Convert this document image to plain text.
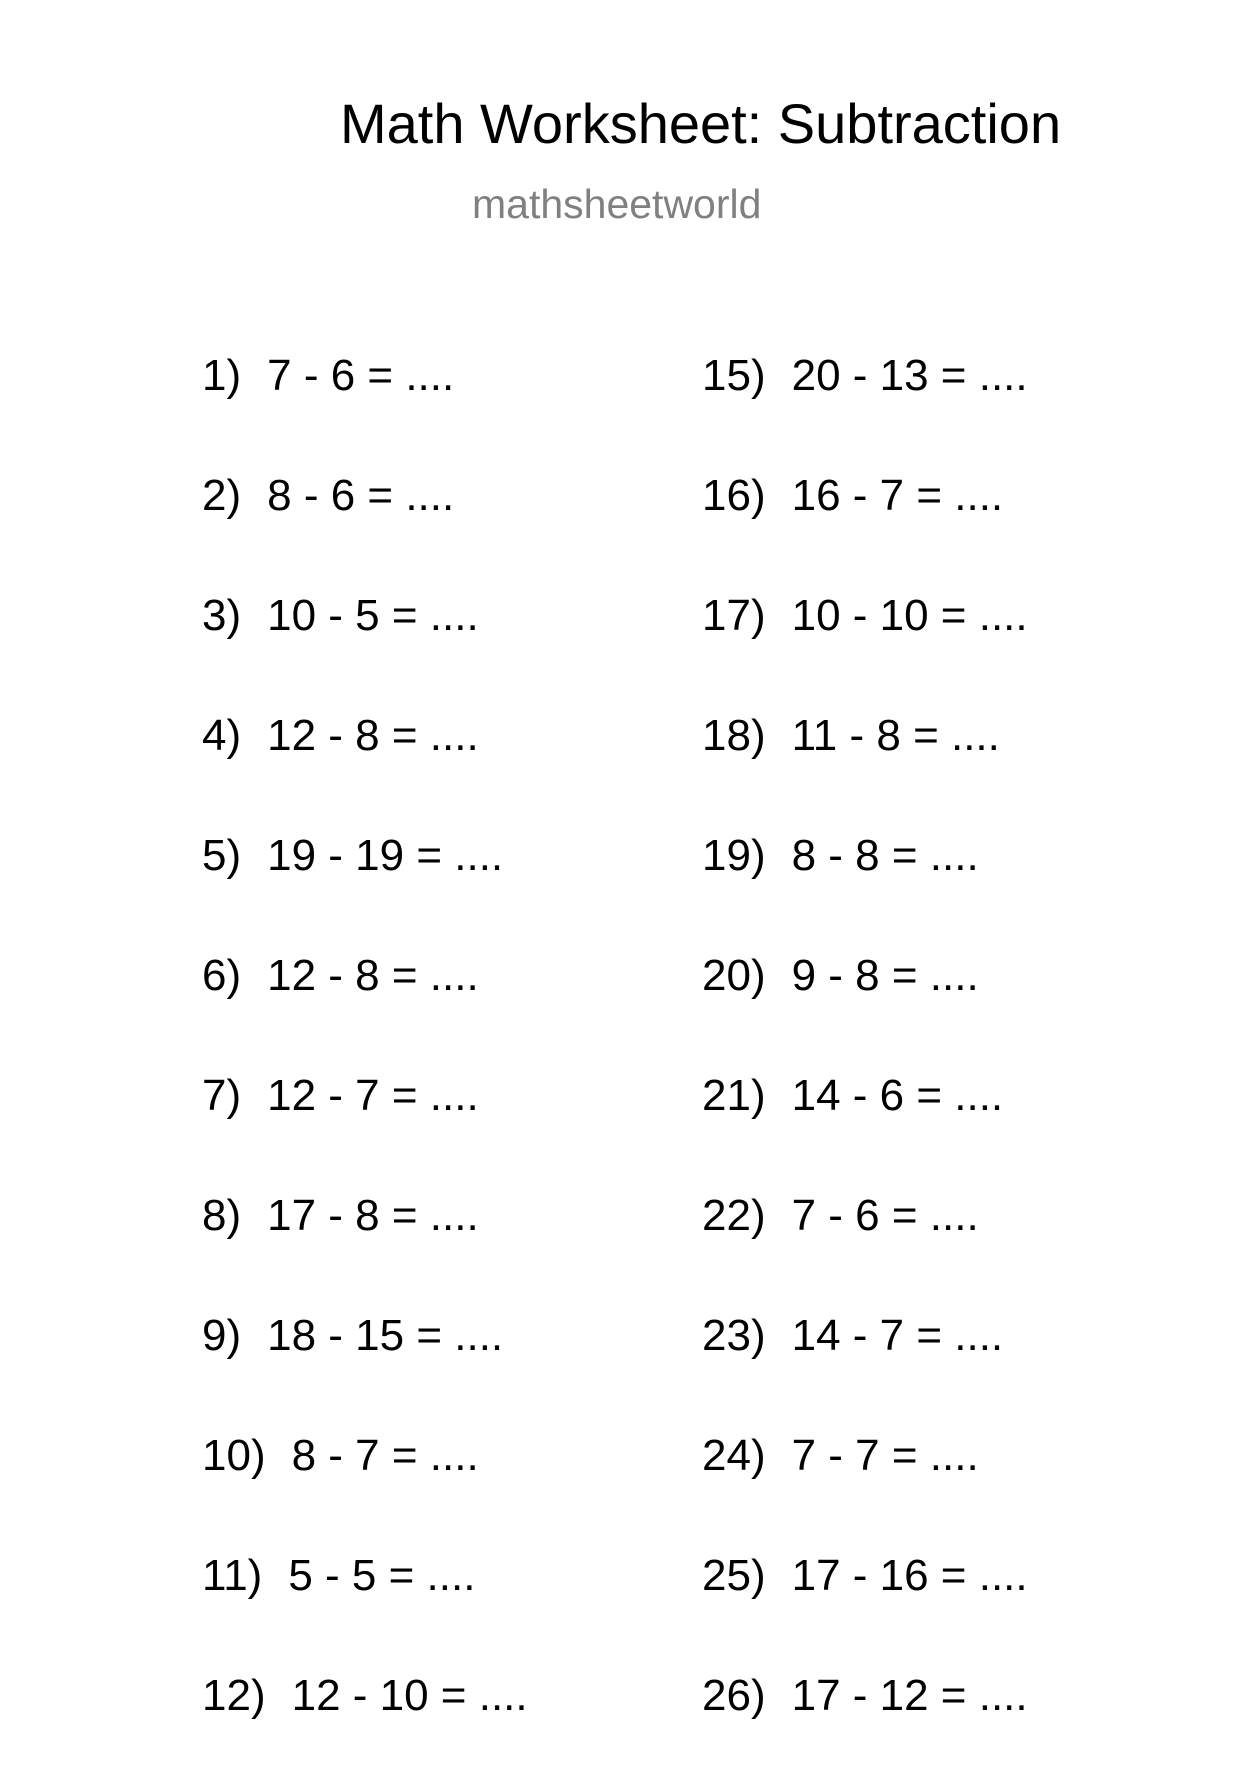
Math Worksheet: Subtraction
mathsheetworld
1) 7 - 6 = ....
2) 8 - 6 = ....
3) 10 - 5 = ....
4) 12 - 8 = ....
5) 19 - 19 = ....
6) 12 - 8 = ....
7) 12 - 7 = ....
8) 17 - 8 = ....
9) 18 - 15 = ....
10) 8 - 7 = ....
11) 5 - 5 = ....
12) 12 - 10 = ....
15) 20 - 13 = ....
16) 16 - 7 = ....
17) 10 - 10 = ....
18) 11 - 8 = ....
19) 8 - 8 = ....
20) 9 - 8 = ....
21) 14 - 6 = ....
22) 7 - 6 = ....
23) 14 - 7 = ....
24) 7 - 7 = ....
25) 17 - 16 = ....
26) 17 - 12 = ....
